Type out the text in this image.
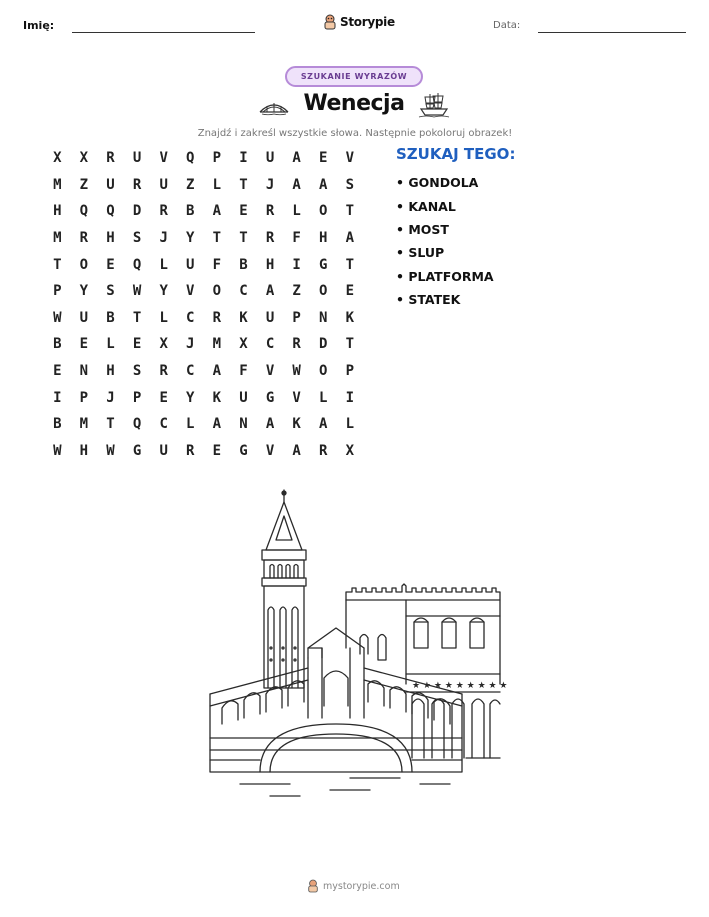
Imię:	Storypie	Data:
SZUKANIE WYRAZÓW
Wenecja
Znajdź i zakreśl wszystkie słowa. Następnie pokoloruj obrazek!
X	X	R	U	V	Q	P	I	U	A	E	V
M	Z	U	R	U	Z	L	T	J	A	A	S
H	Q	Q	D	R	B	A	E	R	L	O	T
M	R	H	S	J	Y	T	T	R	F	H	A
T	O	E	Q	L	U	F	B	H	I	G	T
P	Y	S	W	Y	V	O	C	A	Z	O	E
W	U	B	T	L	C	R	K	U	P	N	K
B	E	L	E	X	J	M	X	C	R	D	T
E	N	H	S	R	C	A	F	V	W	O	P
I	P	J	P	E	Y	K	U	G	V	L	I
B	M	T	Q	C	L	A	N	A	K	A	L
W	H	W	G	U	R	E	G	V	A	R	X
SZUKAJ TEGO:
• GONDOLA
• KANAL
• MOST
• SLUP
• PLATFORMA
• STATEK
★ ★ ★ ★ ★ ★ ★ ★ ★
mystorypie.com
